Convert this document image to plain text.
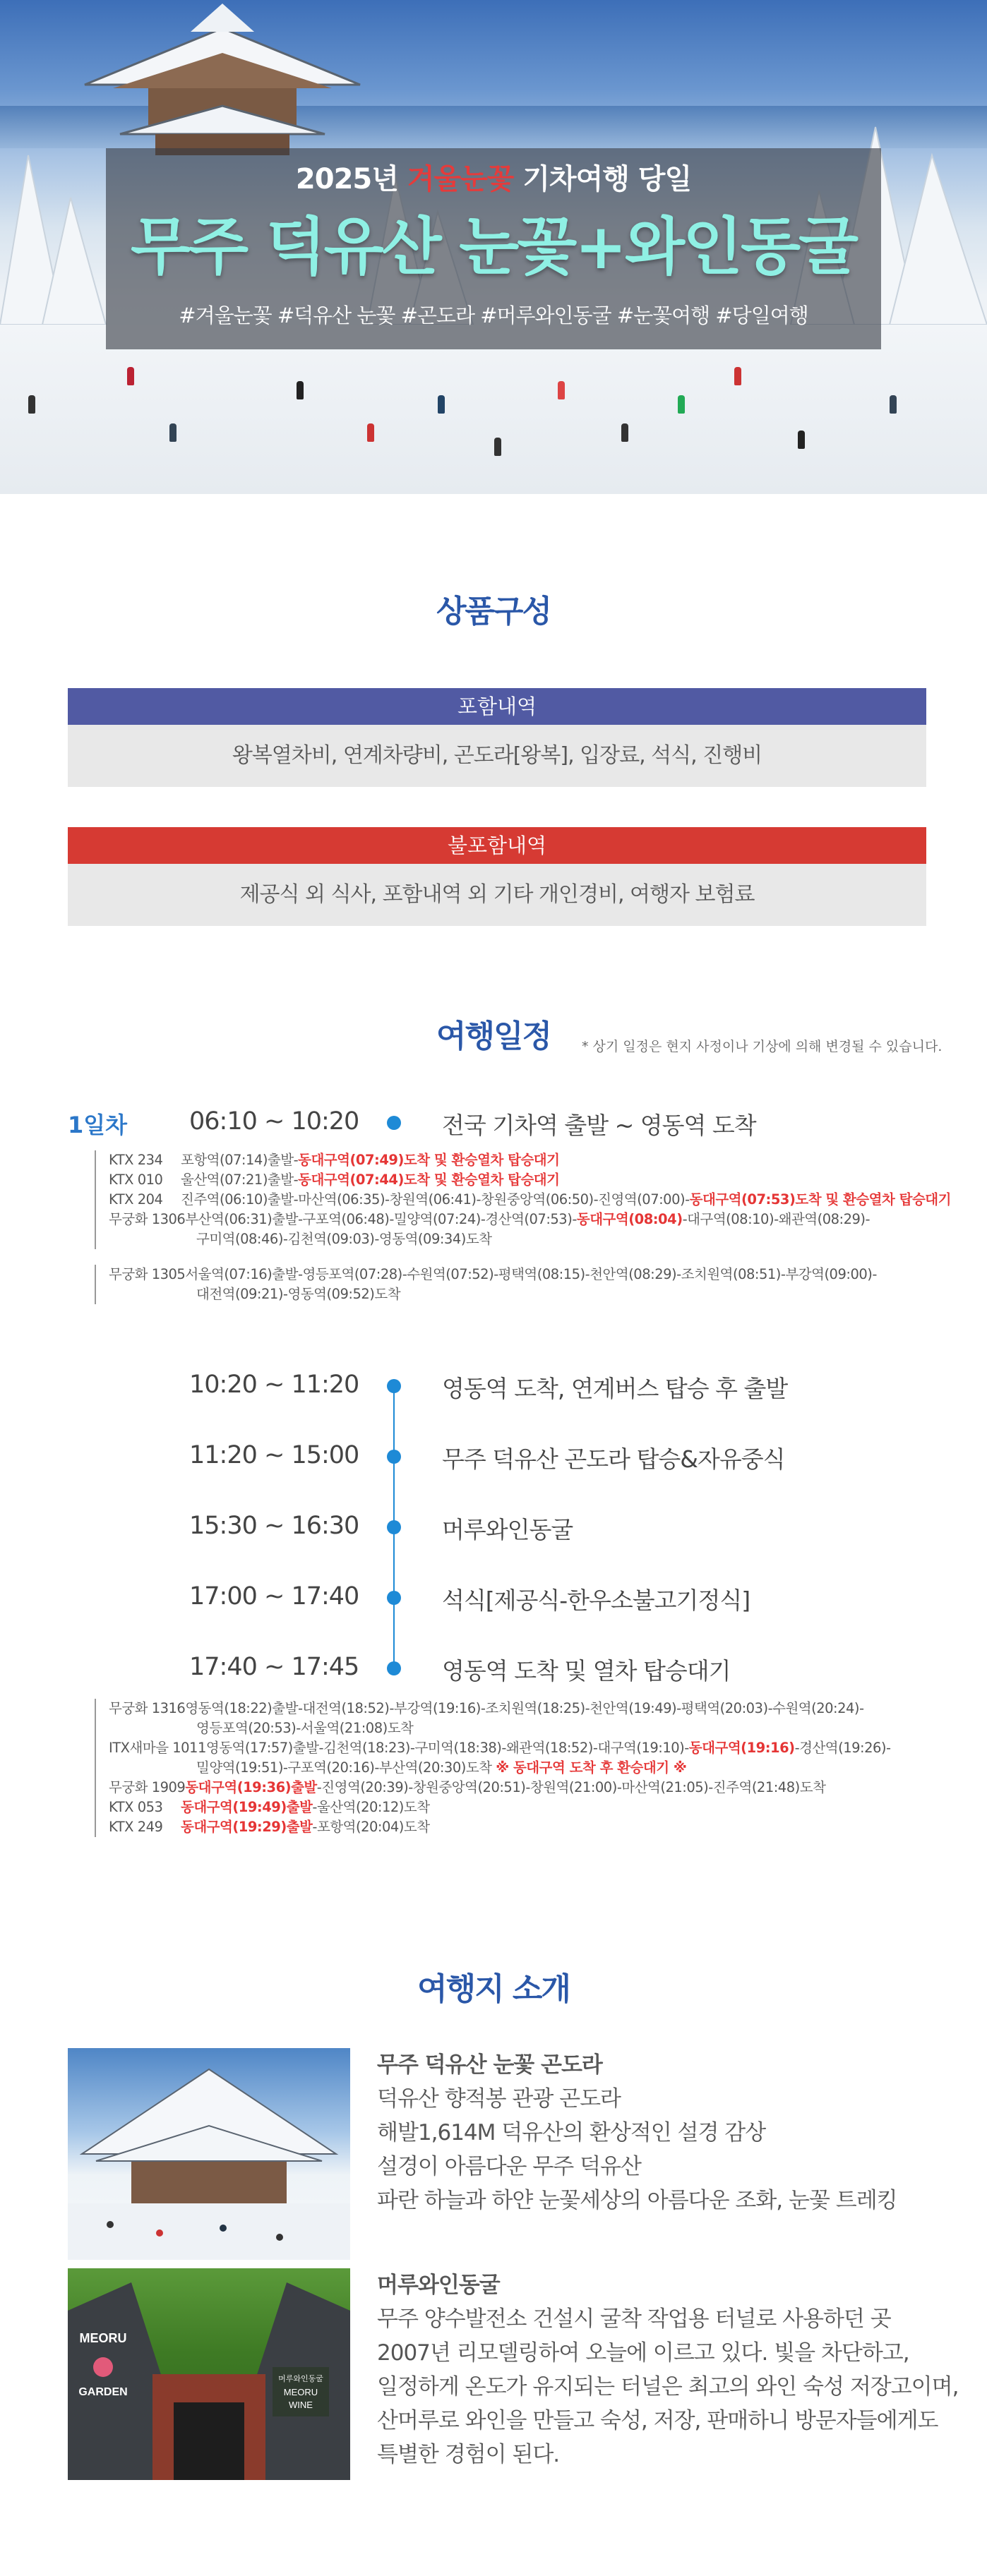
2025년 겨울눈꽃 기차여행 당일
무주 덕유산 눈꽃+와인동굴
#겨울눈꽃 #덕유산 눈꽃 #곤도라 #머루와인동굴 #눈꽃여행 #당일여행
상품구성
포함내역
왕복열차비, 연계차량비, 곤도라[왕복], 입장료, 석식, 진행비
불포함내역
제공식 외 식사, 포함내역 외 기타 개인경비, 여행자 보험료
여행일정	* 상기 일정은 현지 사정이나 기상에 의해 변경될 수 있습니다.
1일차	06:10 ~ 10:20	전국 기차역 출발 ~ 영동역 도착
KTX 234 포항역(07:14)출발-동대구역(07:49)도착 및 환승열차 탑승대기
KTX 010 울산역(07:21)출발-동대구역(07:44)도착 및 환승열차 탑승대기
KTX 204 진주역(06:10)출발-마산역(06:35)-창원역(06:41)-창원중앙역(06:50)-진영역(07:00)-동대구역(07:53)도착 및 환승열차 탑승대기
무궁화 1306부산역(06:31)출발-구포역(06:48)-밀양역(07:24)-경산역(07:53)-동대구역(08:04)-대구역(08:10)-왜관역(08:29)-
구미역(08:46)-김천역(09:03)-영동역(09:34)도착
무궁화 1305서울역(07:16)출발-영등포역(07:28)-수원역(07:52)-평택역(08:15)-천안역(08:29)-조치원역(08:51)-부강역(09:00)-
대전역(09:21)-영동역(09:52)도착
10:20 ~ 11:20	영동역 도착, 연계버스 탑승 후 출발
11:20 ~ 15:00	무주 덕유산 곤도라 탑승&자유중식
15:30 ~ 16:30	머루와인동굴
17:00 ~ 17:40	석식[제공식-한우소불고기정식]
17:40 ~ 17:45	영동역 도착 및 열차 탑승대기
무궁화 1316영동역(18:22)출발-대전역(18:52)-부강역(19:16)-조치원역(18:25)-천안역(19:49)-평택역(20:03)-수원역(20:24)-
영등포역(20:53)-서울역(21:08)도착
ITX새마을 1011영동역(17:57)출발-김천역(18:23)-구미역(18:38)-왜관역(18:52)-대구역(19:10)-동대구역(19:16)-경산역(19:26)-
밀양역(19:51)-구포역(20:16)-부산역(20:30)도착 ※ 동대구역 도착 후 환승대기 ※
무궁화 1909동대구역(19:36)출발-진영역(20:39)-창원중앙역(20:51)-창원역(21:00)-마산역(21:05)-진주역(21:48)도착
KTX 053 동대구역(19:49)출발-울산역(20:12)도착
KTX 249 동대구역(19:29)출발-포항역(20:04)도착
여행지 소개
무주 덕유산 눈꽃 곤도라
덕유산 향적봉 관광 곤도라
해발1,614M 덕유산의 환상적인 설경 감상
설경이 아름다운 무주 덕유산
파란 하늘과 하얀 눈꽃세상의 아름다운 조화, 눈꽃 트레킹
MEORU
GARDEN
머루와인동굴
MEORU
WINE
머루와인동굴
무주 양수발전소 건설시 굴착 작업용 터널로 사용하던 곳
2007년 리모델링하여 오늘에 이르고 있다. 빛을 차단하고,
일정하게 온도가 유지되는 터널은 최고의 와인 숙성 저장고이며,
산머루로 와인을 만들고 숙성, 저장, 판매하니 방문자들에게도
특별한 경험이 된다.
